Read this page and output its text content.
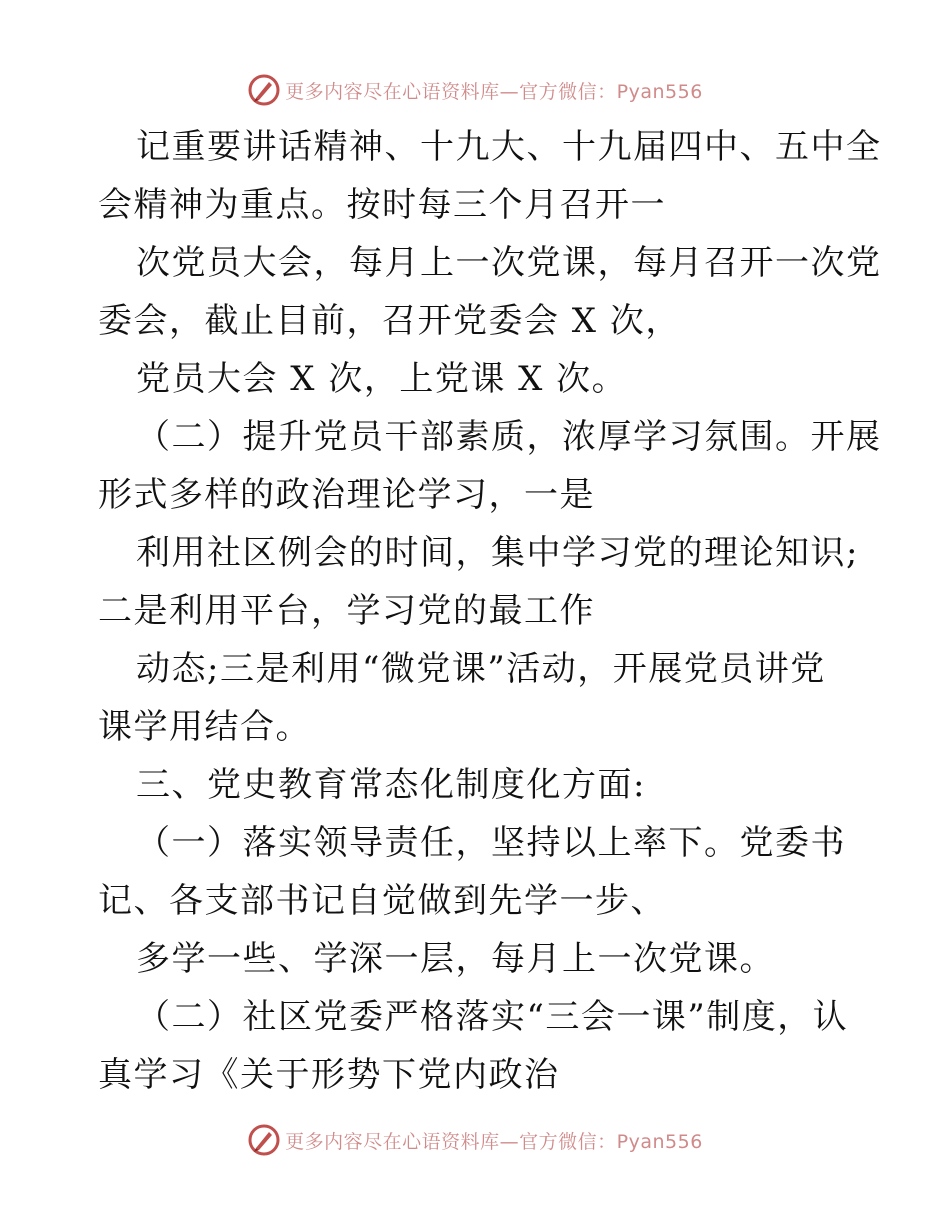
更多内容尽在心语资料库—官方微信：Pyan556

记重要讲话精神、十九大、十九届四中、五中全

会精神为重点。按时每三个月召开一

次党员大会，每月上一次党课，每月召开一次党

委会，截止目前，召开党委会 X 次，

党员大会 X 次，上党课 X 次。

（二）提升党员干部素质，浓厚学习氛围。开展

形式多样的政治理论学习，一是

利用社区例会的时间，集中学习党的理论知识;

二是利用平台，学习党的最工作

动态;三是利用“微党课”活动，开展党员讲党

课学用结合。

三、党史教育常态化制度化方面:

（一）落实领导责任，坚持以上率下。党委书

记、各支部书记自觉做到先学一步、

多学一些、学深一层，每月上一次党课。

（二）社区党委严格落实“三会一课”制度，认

真学习《关于形势下党内政治

更多内容尽在心语资料库—官方微信：Pyan556
